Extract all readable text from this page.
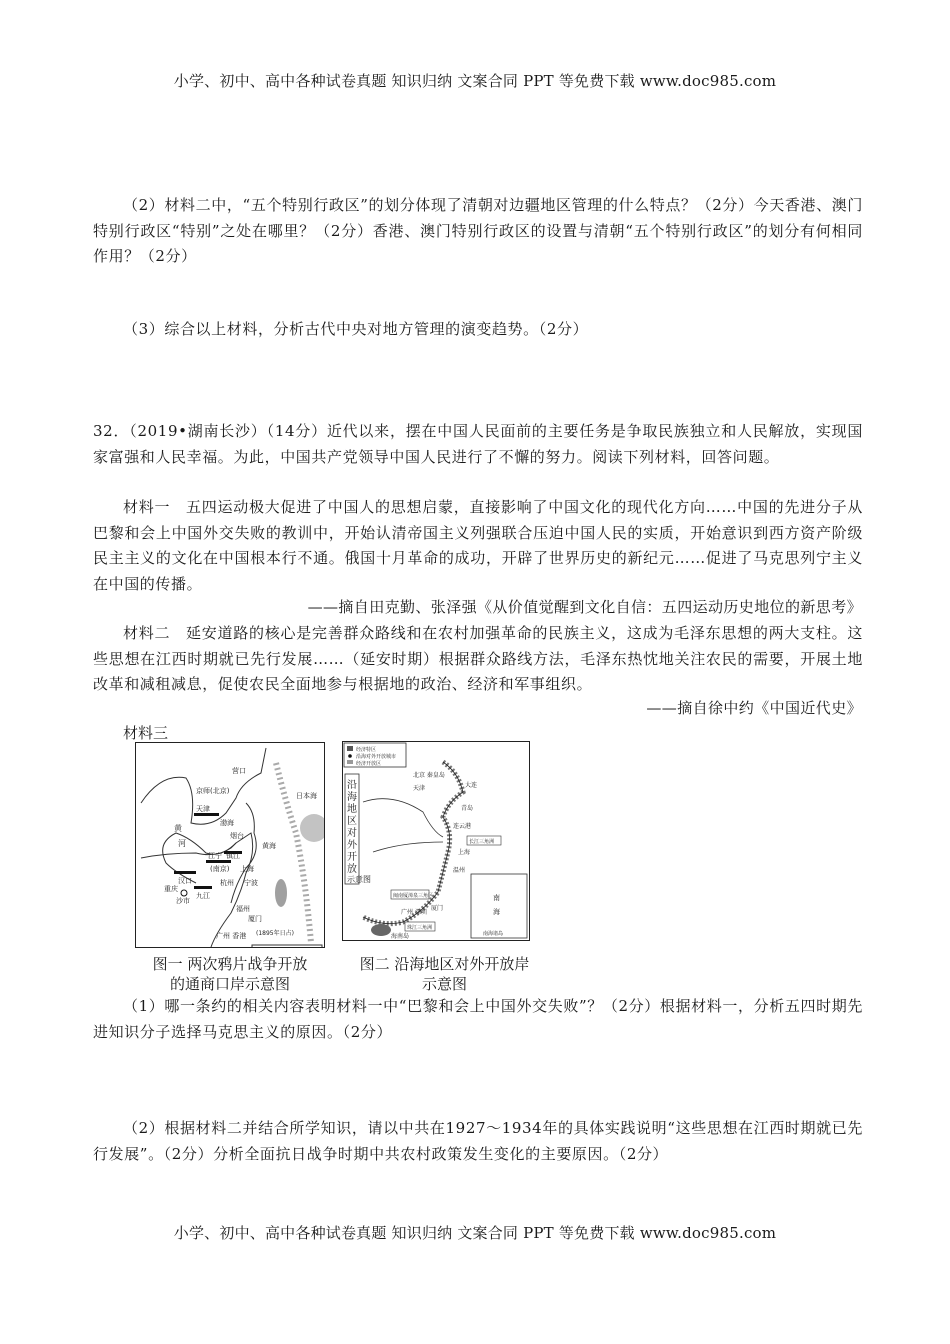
小学、初中、高中各种试卷真题 知识归纳 文案合同 PPT 等免费下载 www.doc985.com
（2）材料二中，“五个特别行政区”的划分体现了清朝对边疆地区管理的什么特点？（2分）今天香港、澳门特别行政区“特别”之处在哪里？（2分）香港、澳门特别行政区的设置与清朝“五个特别行政区”的划分有何相同作用？（2分）
（3）综合以上材料，分析古代中央对地方管理的演变趋势。（2分）
32．（2019•湖南长沙）（14分）近代以来，摆在中国人民面前的主要任务是争取民族独立和人民解放，实现国家富强和人民幸福。为此，中国共产党领导中国人民进行了不懈的努力。阅读下列材料，回答问题。
材料一　五四运动极大促进了中国人的思想启蒙，直接影响了中国文化的现代化方向……中国的先进分子从巴黎和会上中国外交失败的教训中，开始认清帝国主义列强联合压迫中国人民的实质，开始意识到西方资产阶级民主主义的文化在中国根本行不通。俄国十月革命的成功，开辟了世界历史的新纪元……促进了马克思列宁主义在中国的传播。
——摘自田克勤、张泽强《从价值觉醒到文化自信：五四运动历史地位的新思考》
材料二　延安道路的核心是完善群众路线和在农村加强革命的民族主义，这成为毛泽东思想的两大支柱。这些思想在江西时期就已先行发展……（延安时期）根据群众路线方法，毛泽东热忱地关注农民的需要，开展土地改革和减租减息，促使农民全面地参与根据地的政治、经济和军事组织。
——摘自徐中约《中国近代史》
材料三
营口
京师(北京)
日本海
天津
渤海
烟台
黄
河	黄海
江宁 镇江
(南京) 上海
汉口	杭州 宁波
重庆
沙市
九江
福州
厦门
(1895年日占)
广州 香港
图一 两次鸦片战争开放
的通商口岸示意图
经济特区
沿海对外开放城市
经济开放区
沿
海
地
区
对
外
开
放
示意图
南
海
南海诸岛
北京 秦皇岛
天津	大连
青岛
连云港
长江三角洲
上海
温州
闽南厦漳泉三角区
厦门
广州 深圳
珠江三角洲
海南岛
图二 沿海地区对外开放岸
示意图
（1）哪一条约的相关内容表明材料一中“巴黎和会上中国外交失败”？（2分）根据材料一，分析五四时期先进知识分子选择马克思主义的原因。（2分）
（2）根据材料二并结合所学知识，请以中共在1927～1934年的具体实践说明“这些思想在江西时期就已先行发展”。（2分）分析全面抗日战争时期中共农村政策发生变化的主要原因。（2分）
小学、初中、高中各种试卷真题 知识归纳 文案合同 PPT 等免费下载 www.doc985.com
